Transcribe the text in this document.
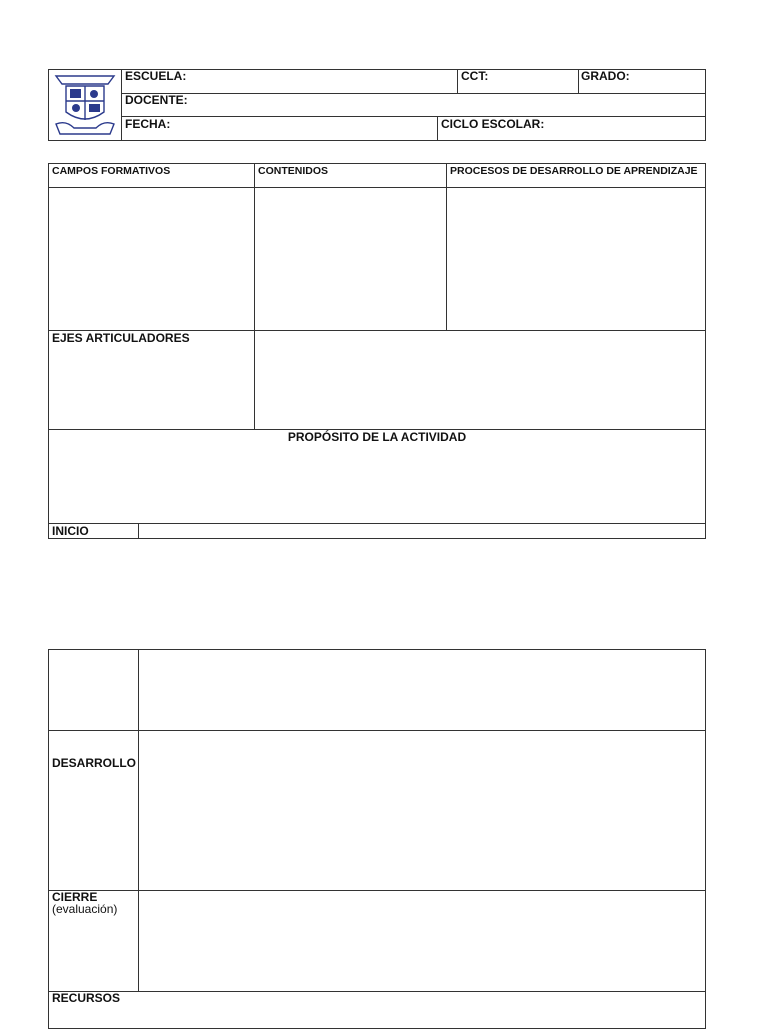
ESCUELA:	CCT:	GRADO:
DOCENTE:
FECHA:	CICLO ESCOLAR:
CAMPOS FORMATIVOS	CONTENIDOS	PROCESOS DE DESARROLLO DE APRENDIZAJE
EJES ARTICULADORES
PROPÓSITO DE LA ACTIVIDAD
INICIO
DESARROLLO
CIERRE
(evaluación)
RECURSOS
